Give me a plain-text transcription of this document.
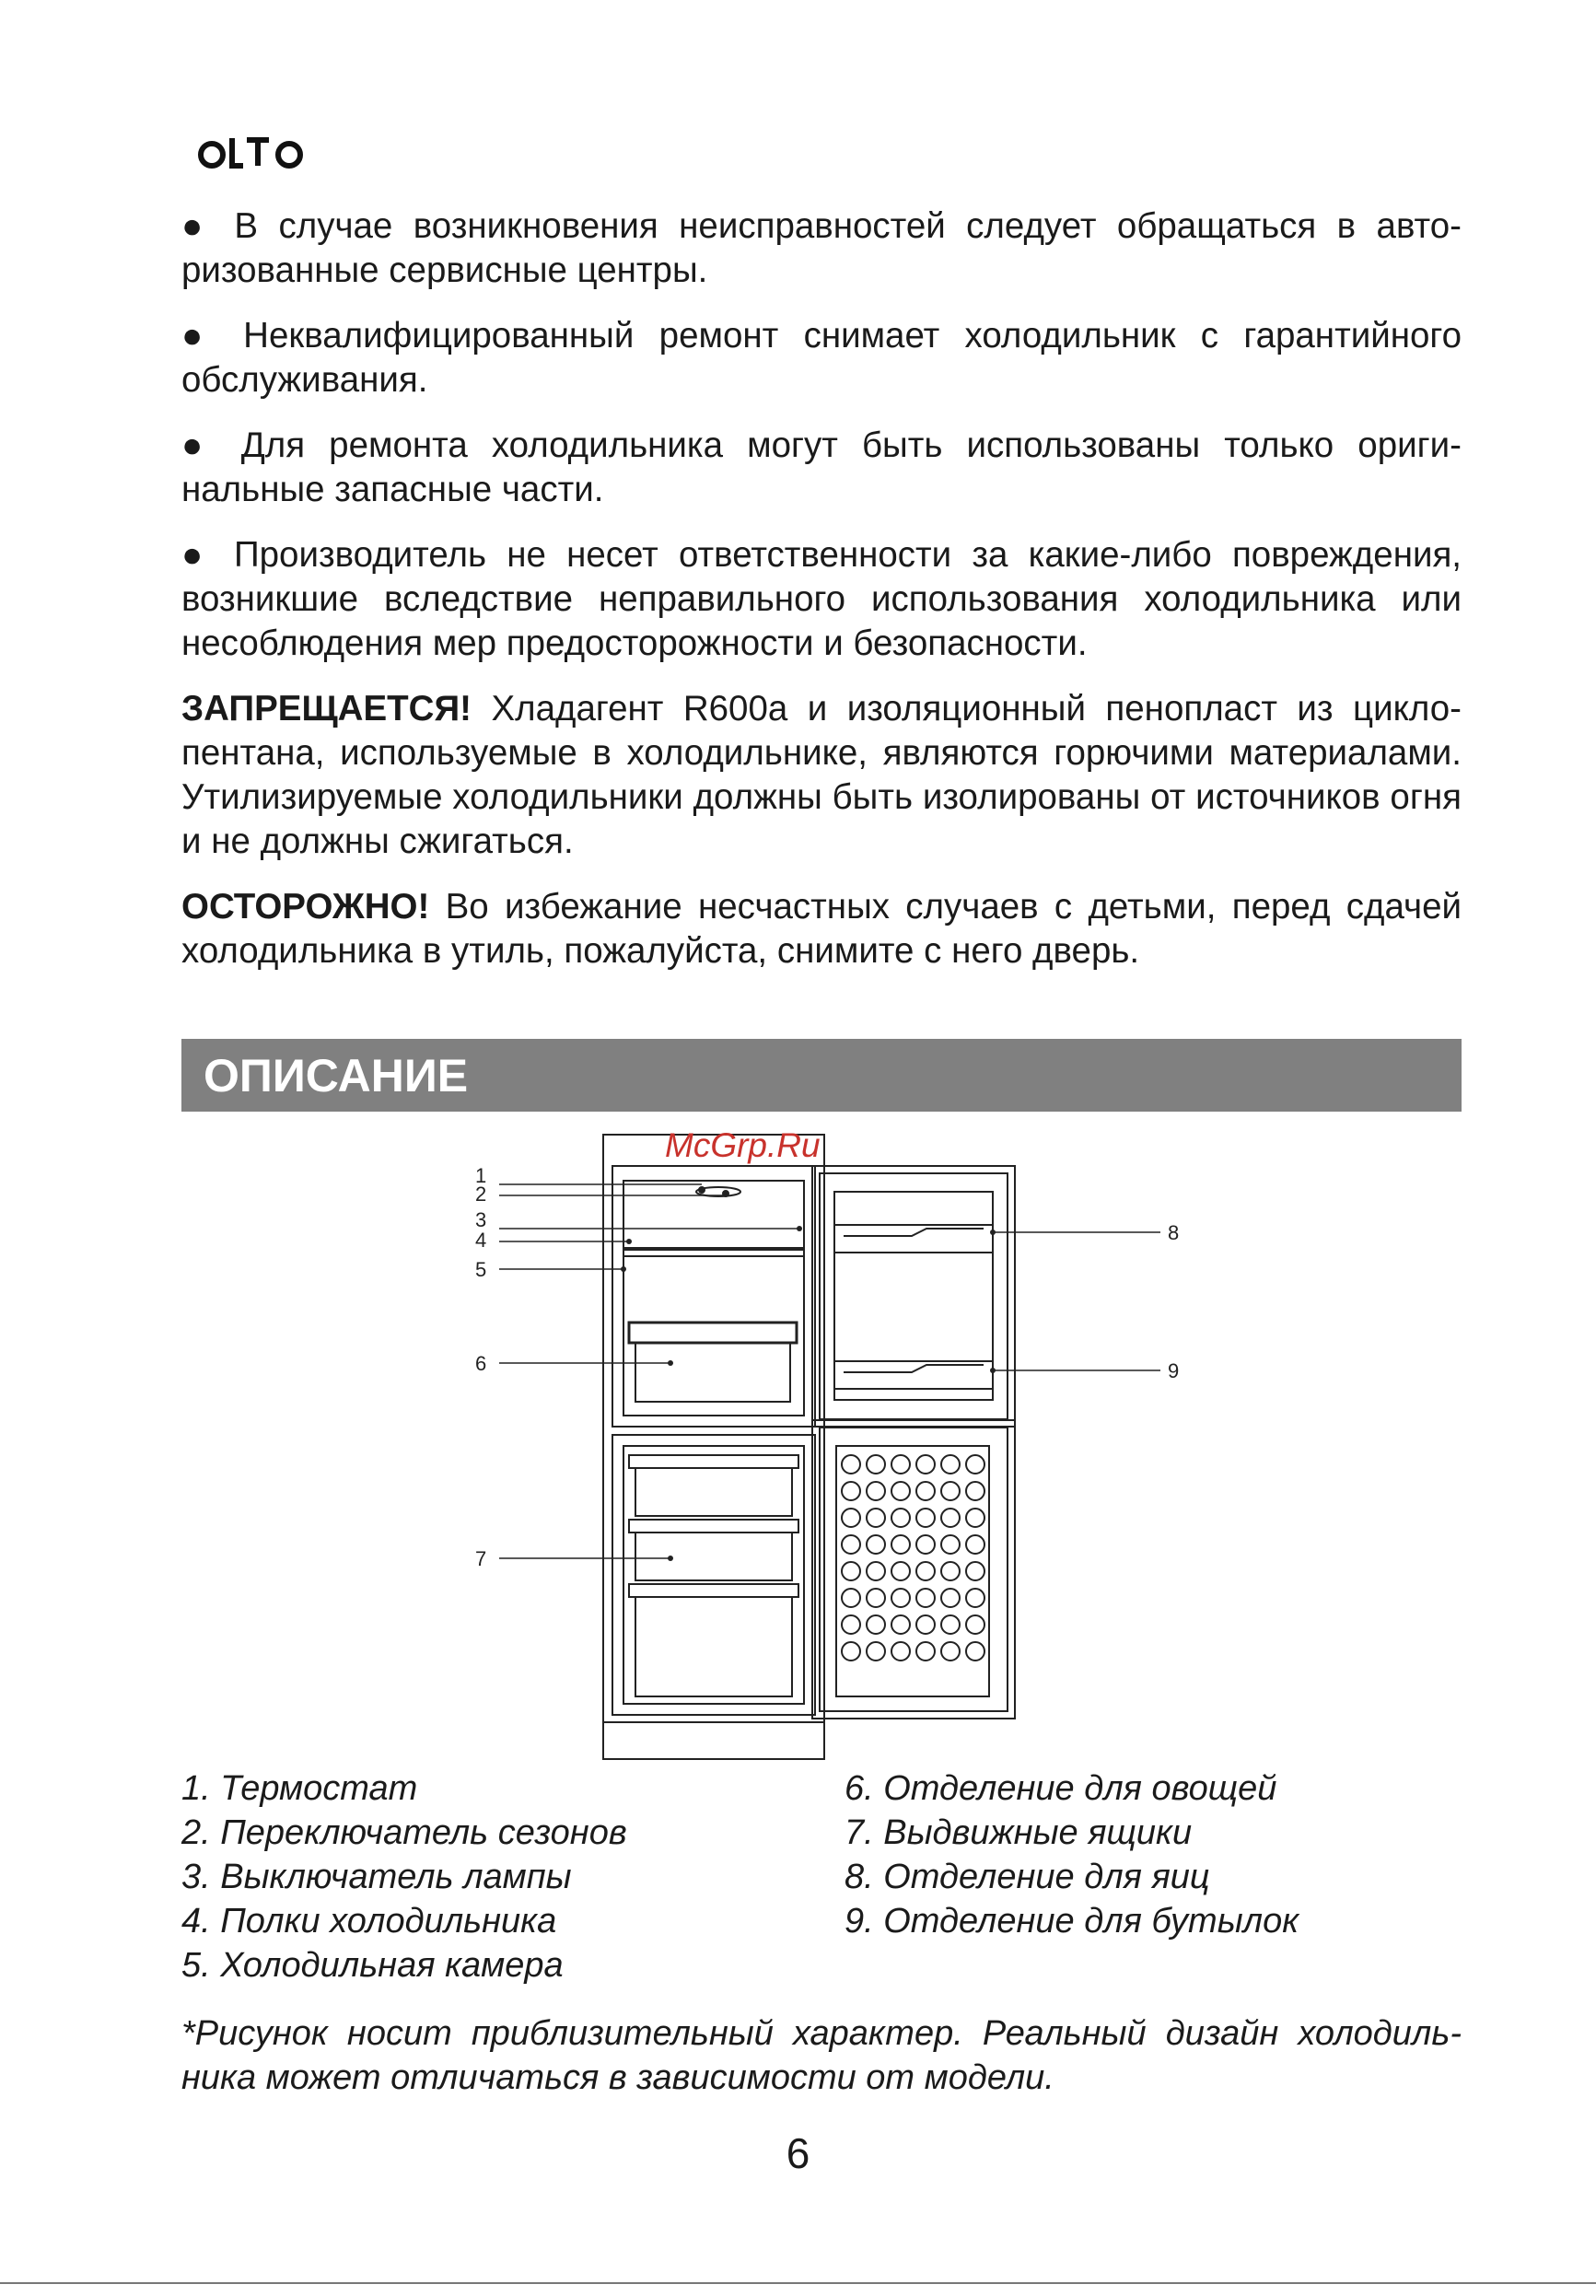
● В случае возникновения неисправностей следует обращаться в авторизованные сервисные центры.

● Неквалифицированный ремонт снимает холодильник с гарантийного обслуживания.

● Для ремонта холодильника могут быть использованы только оригинальные запасные части.

● Производитель не несет ответственности за какие-либо повреждения, возникшие вследствие неправильного использования холодильника или несоблюдения мер предосторожности и безопасности.

ЗАПРЕЩАЕТСЯ! Хладагент R600a и изоляционный пенопласт из циклопентана, используемые в холодильнике, являются горючими материалами. Утилизируемые холодильники должны быть изолированы от источников огня и не должны сжигаться.

ОСТОРОЖНО! Во избежание несчастных случаев с детьми, перед сдачей холодильника в утиль, пожалуйста, снимите с него дверь.

ОПИСАНИЕ
1
2
3
4
5
6
7
8
9
McGrp.Ru
1. Термостат
2. Переключатель сезонов
3. Выключатель лампы
4. Полки холодильника
5. Холодильная камера
6. Отделение для овощей
7. Выдвижные ящики
8. Отделение для яиц
9. Отделение для бутылок
*Рисунок носит приблизительный характер. Реальный дизайн холодильника может отличаться в зависимости от модели.
6
